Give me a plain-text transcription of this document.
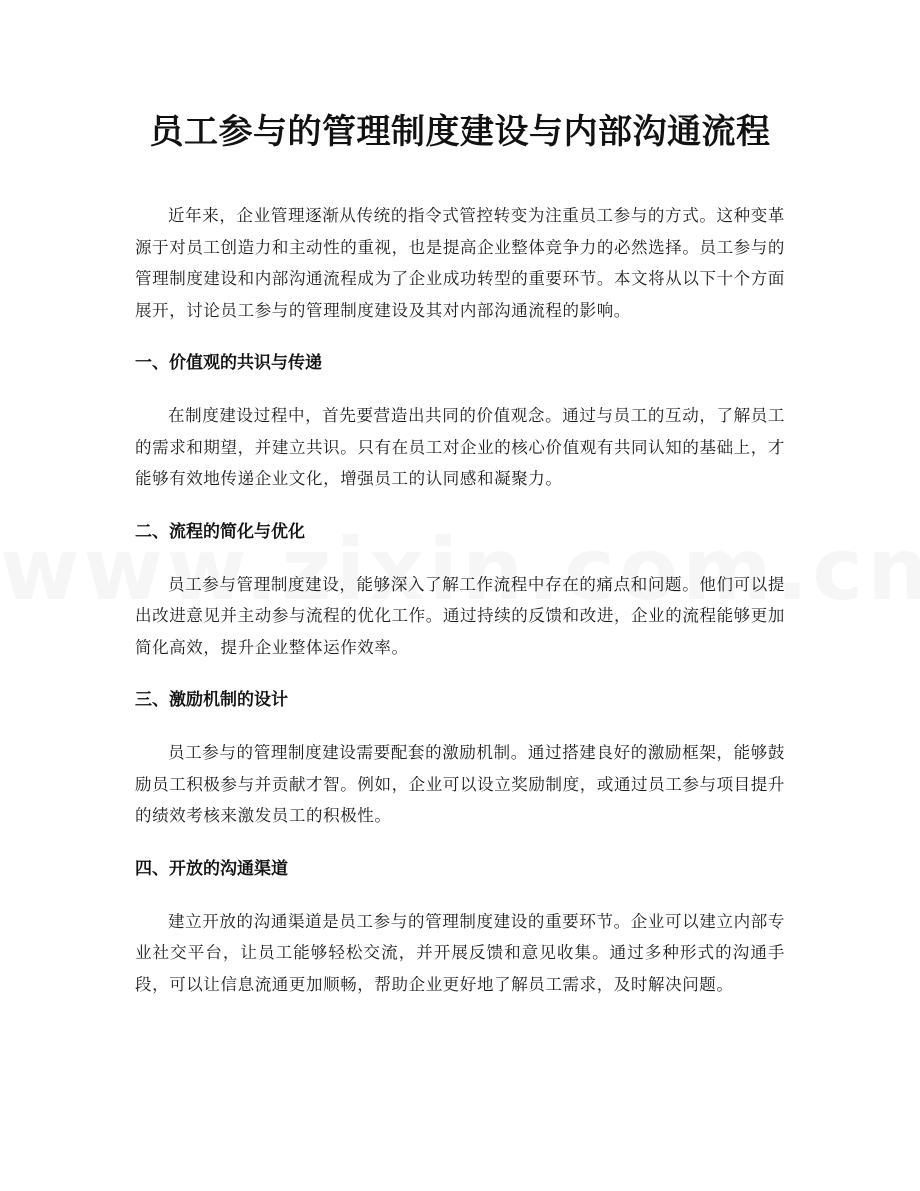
员工参与的管理制度建设与内部沟通流程

近年来，企业管理逐渐从传统的指令式管控转变为注重员工参与的方式。这种变革源于对员工创造力和主动性的重视，也是提高企业整体竞争力的必然选择。员工参与的管理制度建设和内部沟通流程成为了企业成功转型的重要环节。本文将从以下十个方面展开，讨论员工参与的管理制度建设及其对内部沟通流程的影响。

一、价值观的共识与传递

在制度建设过程中，首先要营造出共同的价值观念。通过与员工的互动，了解员工的需求和期望，并建立共识。只有在员工对企业的核心价值观有共同认知的基础上，才能够有效地传递企业文化，增强员工的认同感和凝聚力。

二、流程的简化与优化

员工参与管理制度建设，能够深入了解工作流程中存在的痛点和问题。他们可以提出改进意见并主动参与流程的优化工作。通过持续的反馈和改进，企业的流程能够更加简化高效，提升企业整体运作效率。

三、激励机制的设计

员工参与的管理制度建设需要配套的激励机制。通过搭建良好的激励框架，能够鼓励员工积极参与并贡献才智。例如，企业可以设立奖励制度，或通过员工参与项目提升的绩效考核来激发员工的积极性。

四、开放的沟通渠道

建立开放的沟通渠道是员工参与的管理制度建设的重要环节。企业可以建立内部专业社交平台，让员工能够轻松交流，并开展反馈和意见收集。通过多种形式的沟通手段，可以让信息流通更加顺畅，帮助企业更好地了解员工需求，及时解决问题。
